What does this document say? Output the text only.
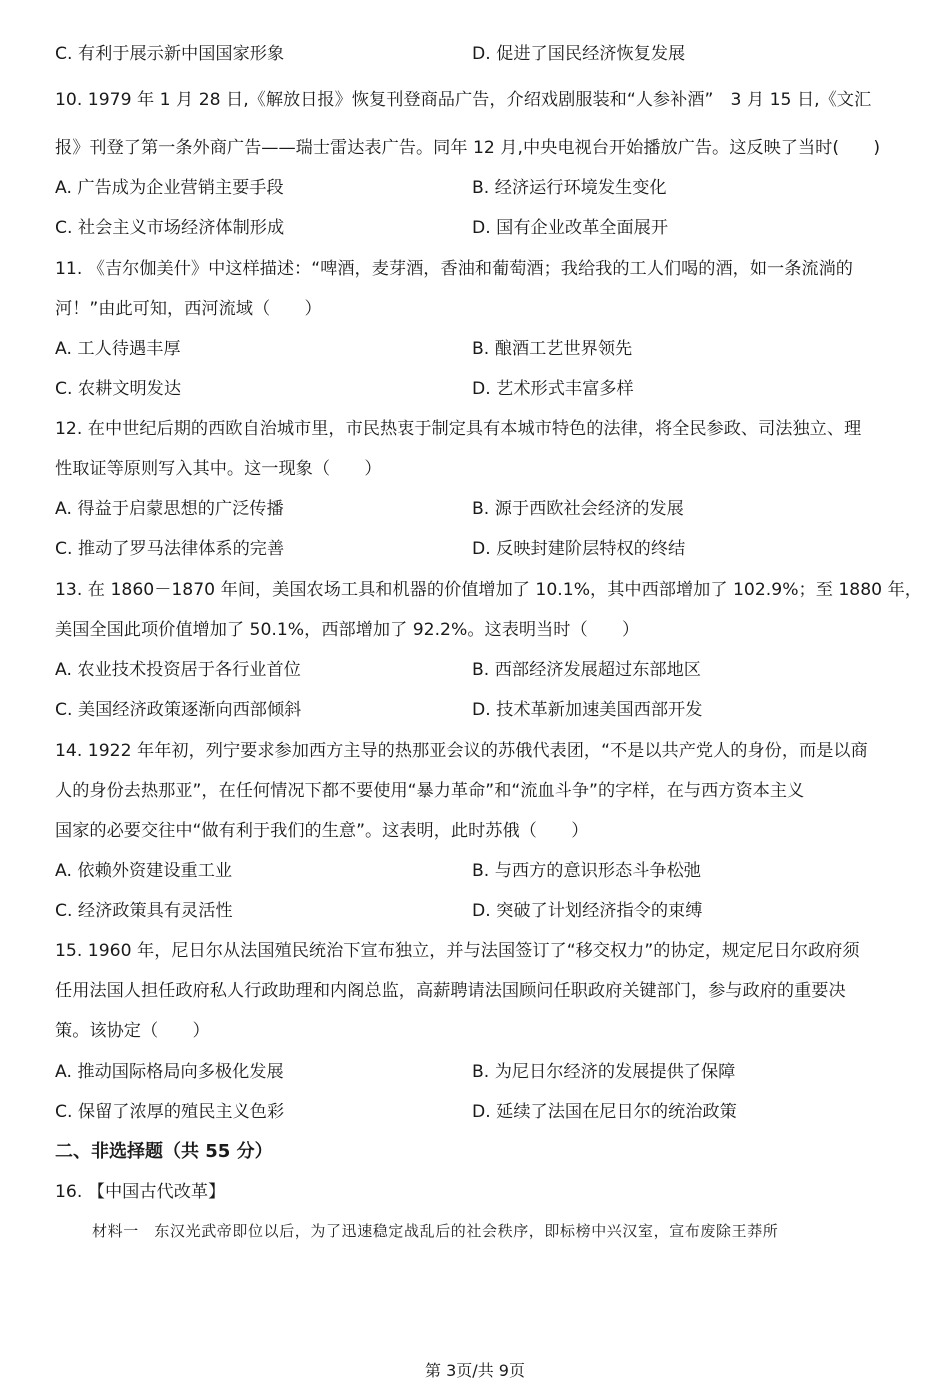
C. 有利于展示新中国国家形象	D. 促进了国民经济恢复发展
10. 1979 年 1 月 28 日,《解放日报》恢复刊登商品广告，介绍戏剧服装和“人参补酒”　3 月 15 日,《文汇
报》刊登了第一条外商广告——瑞士雷达表广告。同年 12 月,中央电视台开始播放广告。这反映了当时(　　)
A. 广告成为企业营销主要手段	B. 经济运行环境发生变化
C. 社会主义市场经济体制形成	D. 国有企业改革全面展开
11. 《吉尔伽美什》中这样描述：“啤酒，麦芽酒，香油和葡萄酒；我给我的工人们喝的酒，如一条流淌的
河！”由此可知，西河流域（　　）
A. 工人待遇丰厚	B. 酿酒工艺世界领先
C. 农耕文明发达	D. 艺术形式丰富多样
12. 在中世纪后期的西欧自治城市里，市民热衷于制定具有本城市特色的法律，将全民参政、司法独立、理
性取证等原则写入其中。这一现象（　　）
A. 得益于启蒙思想的广泛传播	B. 源于西欧社会经济的发展
C. 推动了罗马法律体系的完善	D. 反映封建阶层特权的终结
13. 在 1860－1870 年间，美国农场工具和机器的价值增加了 10.1%，其中西部增加了 102.9%；至 1880 年，
美国全国此项价值增加了 50.1%，西部增加了 92.2%。这表明当时（　　）
A. 农业技术投资居于各行业首位	B. 西部经济发展超过东部地区
C. 美国经济政策逐渐向西部倾斜	D. 技术革新加速美国西部开发
14. 1922 年年初，列宁要求参加西方主导的热那亚会议的苏俄代表团，“不是以共产党人的身份，而是以商
人的身份去热那亚”，在任何情况下都不要使用“暴力革命”和“流血斗争”的字样，在与西方资本主义
国家的必要交往中“做有利于我们的生意”。这表明，此时苏俄（　　）
A. 依赖外资建设重工业	B. 与西方的意识形态斗争松弛
C. 经济政策具有灵活性	D. 突破了计划经济指令的束缚
15. 1960 年，尼日尔从法国殖民统治下宣布独立，并与法国签订了“移交权力”的协定，规定尼日尔政府须
任用法国人担任政府私人行政助理和内阁总监，高薪聘请法国顾问任职政府关键部门，参与政府的重要决
策。该协定（　　）
A. 推动国际格局向多极化发展	B. 为尼日尔经济的发展提供了保障
C. 保留了浓厚的殖民主义色彩	D. 延续了法国在尼日尔的统治政策
二、非选择题（共 55 分）
16. 【中国古代改革】
材料一　东汉光武帝即位以后，为了迅速稳定战乱后的社会秩序，即标榜中兴汉室，宣布废除王莽所
第 3页/共 9页
